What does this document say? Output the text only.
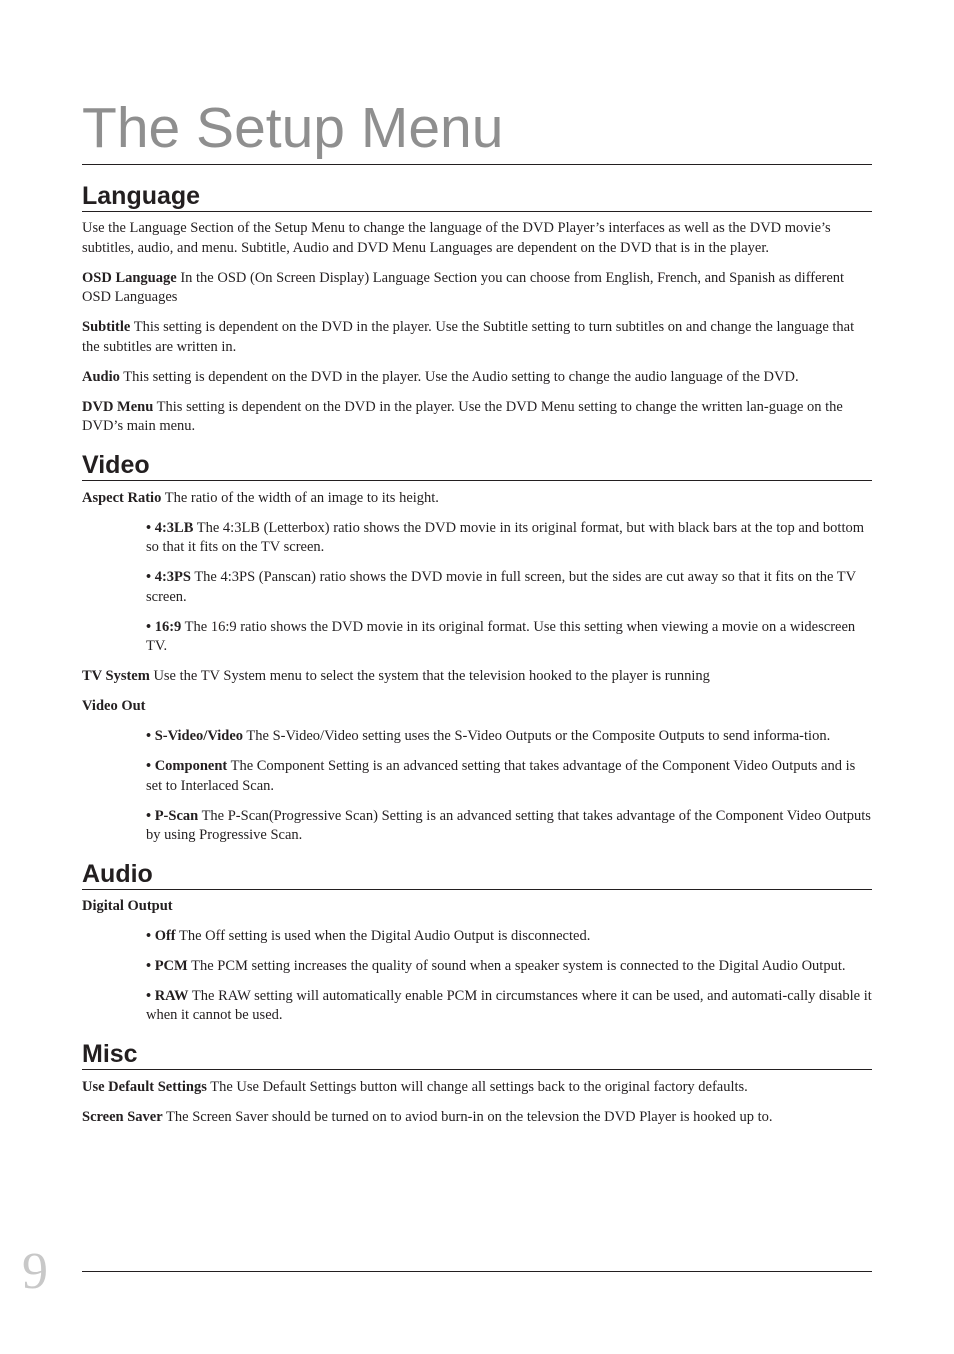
The Setup Menu
Language

Use the Language Section of the Setup Menu to change the language of the DVD Player’s interfaces as well as the DVD movie’s subtitles, audio, and menu. Subtitle, Audio and DVD Menu Languages are dependent on the DVD that is in the player.

OSD Language In the OSD (On Screen Display) Language Section you can choose from English, French, and Spanish as different OSD Languages

Subtitle This setting is dependent on the DVD in the player. Use the Subtitle setting to turn subtitles on and change the language that the subtitles are written in.

Audio This setting is dependent on the DVD in the player. Use the Audio setting to change the audio language of the DVD.

DVD Menu This setting is dependent on the DVD in the player. Use the DVD Menu setting to change the written lan-guage on the DVD’s main menu.

Video

Aspect Ratio The ratio of the width of an image to its height.

• 4:3LB The 4:3LB (Letterbox) ratio shows the DVD movie in its original format, but with black bars at the top and bottom so that it fits on the TV screen.

• 4:3PS The 4:3PS (Panscan) ratio shows the DVD movie in full screen, but the sides are cut away so that it fits on the TV screen.

• 16:9 The 16:9 ratio shows the DVD movie in its original format. Use this setting when viewing a movie on a widescreen TV.

TV System Use the TV System menu to select the system that the television hooked to the player is running

Video Out

• S-Video/Video The S-Video/Video setting uses the S-Video Outputs or the Composite Outputs to send informa-tion.

• Component The Component Setting is an advanced setting that takes advantage of the Component Video Outputs and is set to Interlaced Scan.

• P-Scan The P-Scan(Progressive Scan) Setting is an advanced setting that takes advantage of the Component Video Outputs by using Progressive Scan.

Audio

Digital Output

• Off The Off setting is used when the Digital Audio Output is disconnected.

• PCM The PCM setting increases the quality of sound when a speaker system is connected to the Digital Audio Output.

• RAW The RAW setting will automatically enable PCM in circumstances where it can be used, and automati-cally disable it when it cannot be used.

Misc

Use Default Settings The Use Default Settings button will change all settings back to the original factory defaults.

Screen Saver The Screen Saver should be turned on to aviod burn-in on the televsion the DVD Player is hooked up to.

9
